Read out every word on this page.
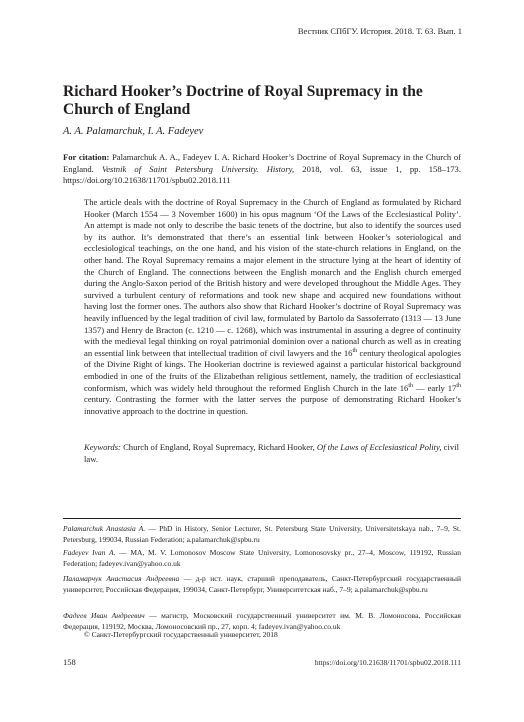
Вестник СПбГУ. История. 2018. Т. 63. Вып. 1
Richard Hooker’s Doctrine of Royal Supremacy in the Church of England
A. A. Palamarchuk, I. A. Fadeyev
For citation: Palamarchuk A. A., Fadeyev I. A. Richard Hooker’s Doctrine of Royal Supremacy in the Church of England. Vestnik of Saint Petersburg University. History, 2018, vol. 63, issue 1, pp. 158–173. https://doi.org/10.21638/11701/spbu02.2018.111

The article deals with the doctrine of Royal Supremacy in the Church of England as formulated by Richard Hooker (March 1554 — 3 November 1600) in his opus magnum ‘Of the Laws of the Ecclesiastical Polity’. An attempt is made not only to describe the basic tenets of the doctrine, but also to identify the sources used by its author. It’s demonstrated that there’s an essential link between Hooker’s soteriological and ecclesiological teachings, on the one hand, and his vision of the state-church relations in England, on the other hand. The Royal Supremacy remains a major element in the structure lying at the heart of identity of the Church of England. The connections between the English monarch and the English church emerged during the Anglo-Saxon period of the British history and were developed throughout the Middle Ages. They survived a turbulent century of reformations and took new shape and acquired new foundations without having lost the former ones. The authors also show that Richard Hooker’s doctrine of Royal Supremacy was heavily influenced by the legal tradition of civil law, formulated by Bartolo da Sassoferrato (1313 — 13 June 1357) and Henry de Bracton (c. 1210 — c. 1268), which was instrumental in assuring a degree of continuity with the medieval legal thinking on royal patrimonial dominion over a national church as well as in creating an essential link between that intellectual tradition of civil lawyers and the 16th century theological apologies of the Divine Right of kings. The Hookerian doctrine is reviewed against a particular historical background embodied in one of the fruits of the Elizabethan religious settlement, namely, the tradition of ecclesiastical conformism, which was widely held throughout the reformed English Church in the late 16th — early 17th century. Contrasting the former with the latter serves the purpose of demonstrating Richard Hooker’s innovative approach to the doctrine in question.

Keywords: Church of England, Royal Supremacy, Richard Hooker, Of the Laws of Ecclesiastical Polity, civil law.
Palamarchuk Anastasia A. — PhD in History, Senior Lecturer, St. Petersburg State University, Universitetskaya nab., 7–9, St. Petersburg, 199034, Russian Federation; a.palamarchuk@spbu.ru
Fadeyev Ivan A. — MA, M. V. Lomonosov Moscow State University, Lomonosovsky pr., 27–4, Moscow, 119192, Russian Federation; fadeyev.ivan@yahoo.co.uk
Паламарчук Анастасия Андреевна — д-р ист. наук, старший преподаватель, Санкт-Петербургский государственный университет, Российская Федерация, 199034, Санкт-Петербург, Университетская наб., 7–9; a.palamarchuk@spbu.ru
Фадеев Иван Андреевич — магистр, Московский государственный университет им. М. В. Ломоносова, Российская Федерация, 119192, Москва, Ломоносовский пр., 27, корп. 4; fadeyev.ivan@yahoo.co.uk
© Санкт-Петербургский государственный университет, 2018
158	https://doi.org/10.21638/11701/spbu02.2018.111
